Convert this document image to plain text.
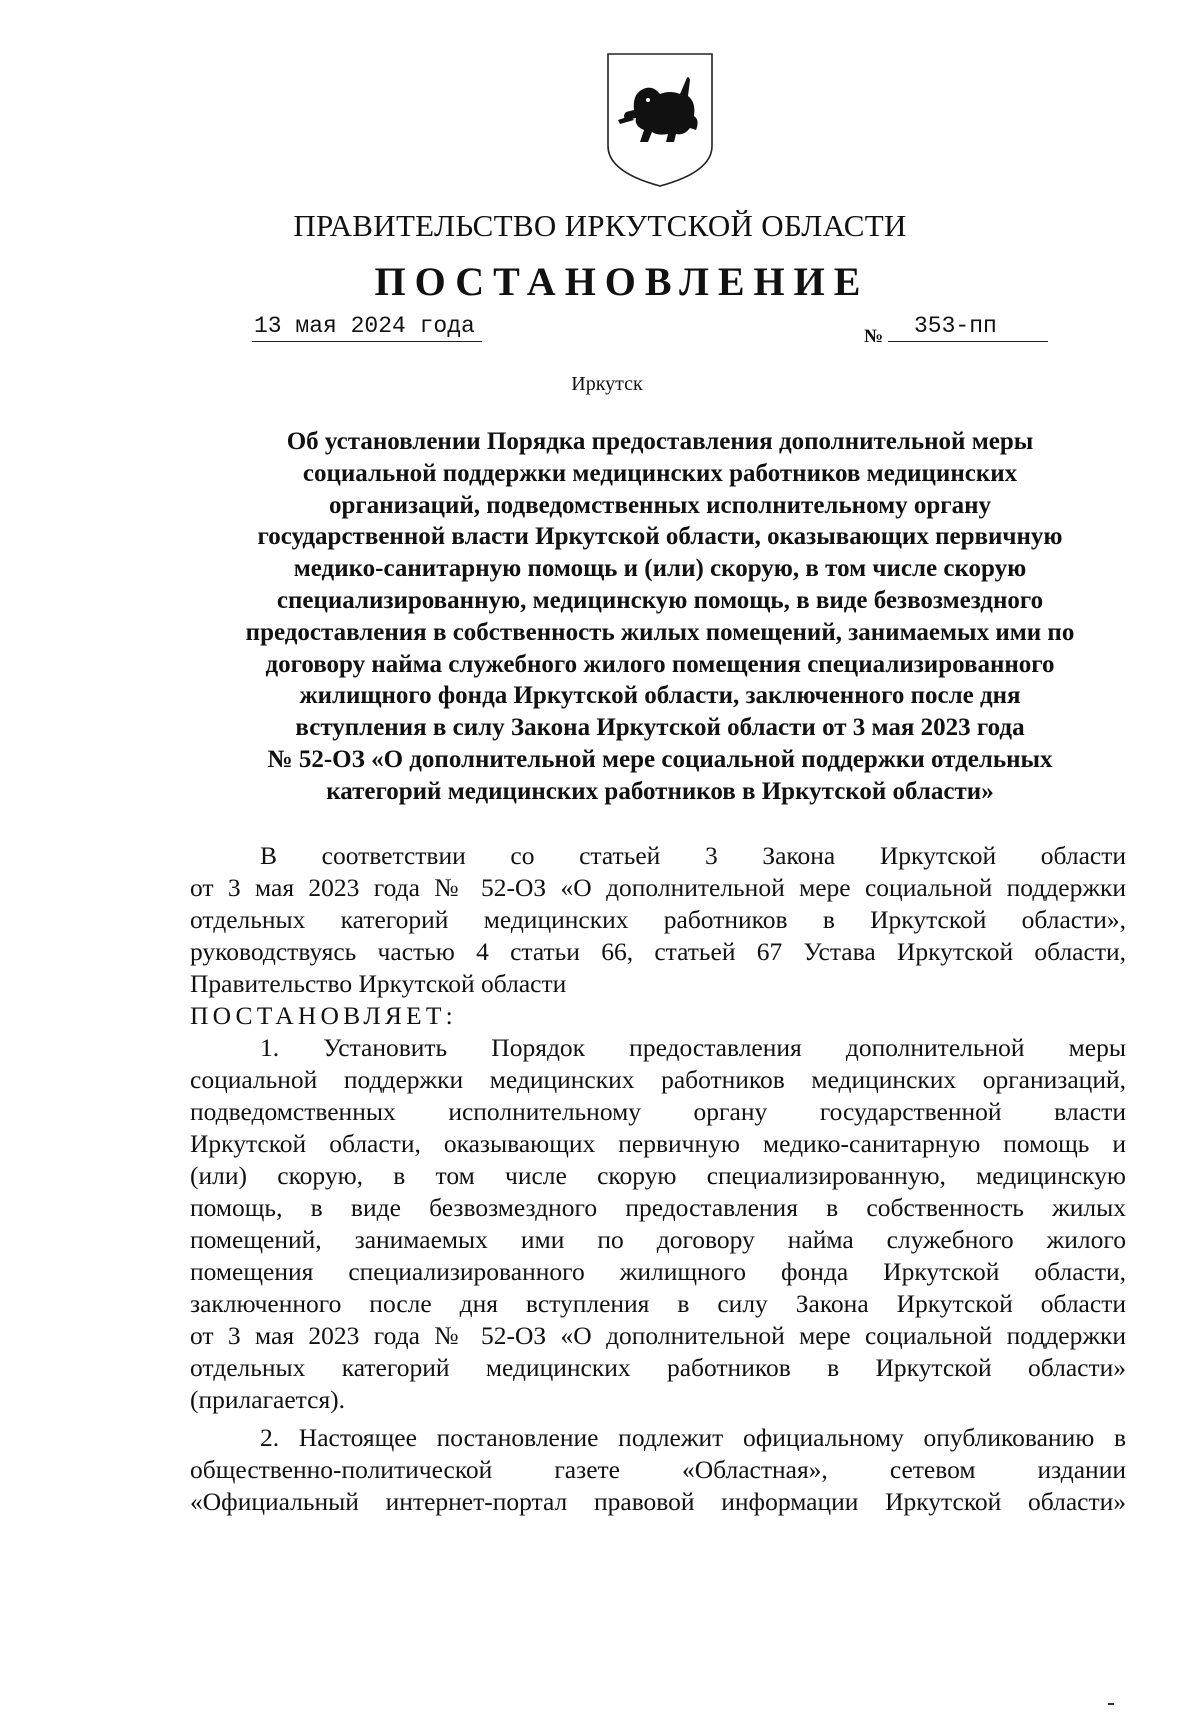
ПРАВИТЕЛЬСТВО ИРКУТСКОЙ ОБЛАСТИ
ПОСТАНОВЛЕНИЕ
13 мая 2024 года	№	353-пп
Иркутск
Об установлении Порядка предоставления дополнительной меры
социальной поддержки медицинских работников медицинских
организаций, подведомственных исполнительному органу
государственной власти Иркутской области, оказывающих первичную
медико-санитарную помощь и (или) скорую, в том числе скорую
специализированную, медицинскую помощь, в виде безвозмездного
предоставления в собственность жилых помещений, занимаемых ими по
договору найма служебного жилого помещения специализированного
жилищного фонда Иркутской области, заключенного после дня
вступления в силу Закона Иркутской области от 3 мая 2023 года
№ 52-ОЗ «О дополнительной мере социальной поддержки отдельных
категорий медицинских работников в Иркутской области»
В соответствии со статьей 3 Закона Иркутской области
от 3 мая 2023 года № 52-ОЗ «О дополнительной мере социальной поддержки
отдельных категорий медицинских работников в Иркутской области»,
руководствуясь частью 4 статьи 66, статьей 67 Устава Иркутской области,
Правительство Иркутской области
ПОСТАНОВЛЯЕТ:
1. Установить Порядок предоставления дополнительной меры
социальной поддержки медицинских работников медицинских организаций,
подведомственных исполнительному органу государственной власти
Иркутской области, оказывающих первичную медико-санитарную помощь и
(или) скорую, в том числе скорую специализированную, медицинскую
помощь, в виде безвозмездного предоставления в собственность жилых
помещений, занимаемых ими по договору найма служебного жилого
помещения специализированного жилищного фонда Иркутской области,
заключенного после дня вступления в силу Закона Иркутской области
от 3 мая 2023 года № 52-ОЗ «О дополнительной мере социальной поддержки
отдельных категорий медицинских работников в Иркутской области»
(прилагается).
2. Настоящее постановление подлежит официальному опубликованию в
общественно-политической газете «Областная», сетевом издании
«Официальный интернет-портал правовой информации Иркутской области»
